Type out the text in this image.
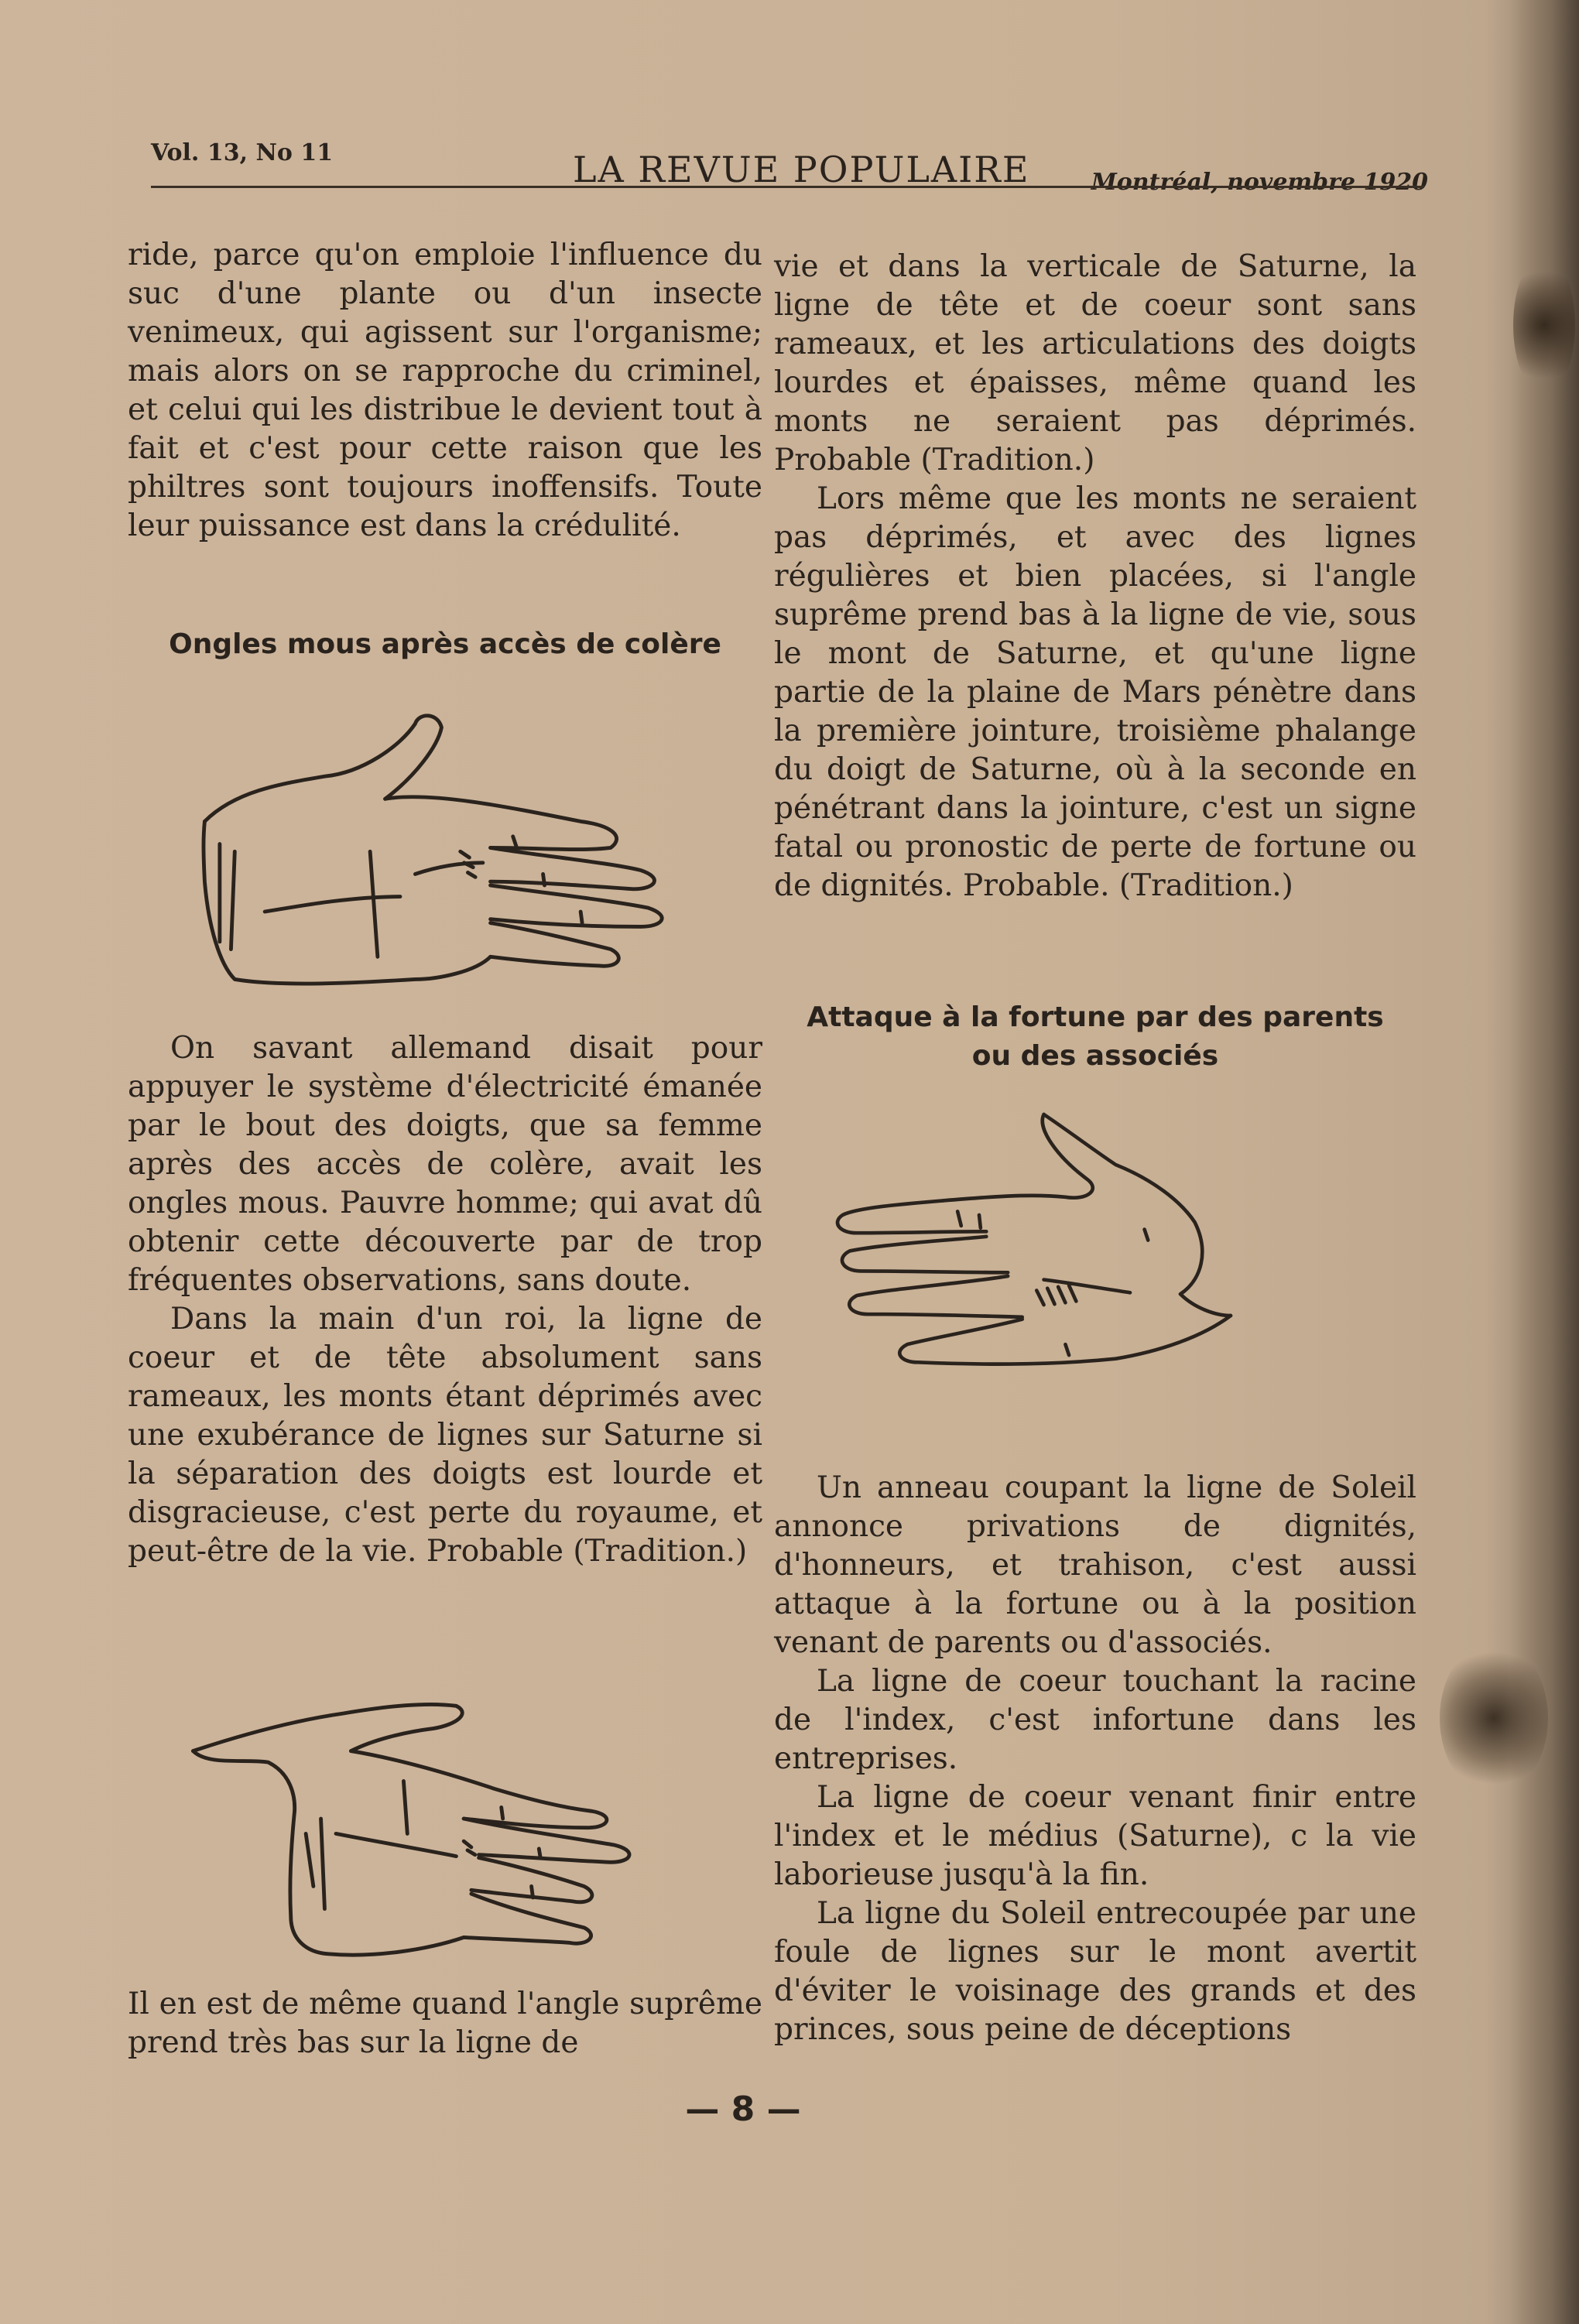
Vol. 13, No 11	LA REVUE POPULAIRE	Montréal, novembre 1920

ride, parce qu'on emploie l'influence du suc d'une plante ou d'un insecte venimeux, qui agissent sur l'organisme; mais alors on se rapproche du criminel, et celui qui les distribue le devient tout à fait et c'est pour cette raison que les philtres sont toujours inoffensifs. Toute leur puissance est dans la crédulité.

Ongles mous après accès de colère

On savant allemand disait pour appuyer le système d'électricité émanée par le bout des doigts, que sa femme après des accès de colère, avait les ongles mous. Pauvre homme; qui avat dû obtenir cette découverte par de trop fréquentes observations, sans doute.

Dans la main d'un roi, la ligne de coeur et de tête absolument sans rameaux, les monts étant déprimés avec une exubérance de lignes sur Saturne si la séparation des doigts est lourde et disgracieuse, c'est perte du royaume, et peut-être de la vie. Probable (Tradition.)

Il en est de même quand l'angle suprême prend très bas sur la ligne de

vie et dans la verticale de Saturne, la ligne de tête et de coeur sont sans rameaux, et les articulations des doigts lourdes et épaisses, même quand les monts ne seraient pas déprimés. Probable (Tradition.)

Lors même que les monts ne seraient pas déprimés, et avec des lignes régulières et bien placées, si l'angle suprême prend bas à la ligne de vie, sous le mont de Saturne, et qu'une ligne partie de la plaine de Mars pénètre dans la première jointure, troisième phalange du doigt de Saturne, où à la seconde en pénétrant dans la jointure, c'est un signe fatal ou pronostic de perte de fortune ou de dignités. Probable. (Tradition.)

Attaque à la fortune par des parents
ou des associés

Un anneau coupant la ligne de Soleil annonce privations de dignités, d'honneurs, et trahison, c'est aussi attaque à la fortune ou à la position venant de parents ou d'associés.

La ligne de coeur touchant la racine de l'index, c'est infortune dans les entreprises.

La ligne de coeur venant finir entre l'index et le médius (Saturne), c la vie laborieuse jusqu'à la fin.

La ligne du Soleil entrecoupée par une foule de lignes sur le mont avertit d'éviter le voisinage des grands et des princes, sous peine de déceptions

— 8 —
